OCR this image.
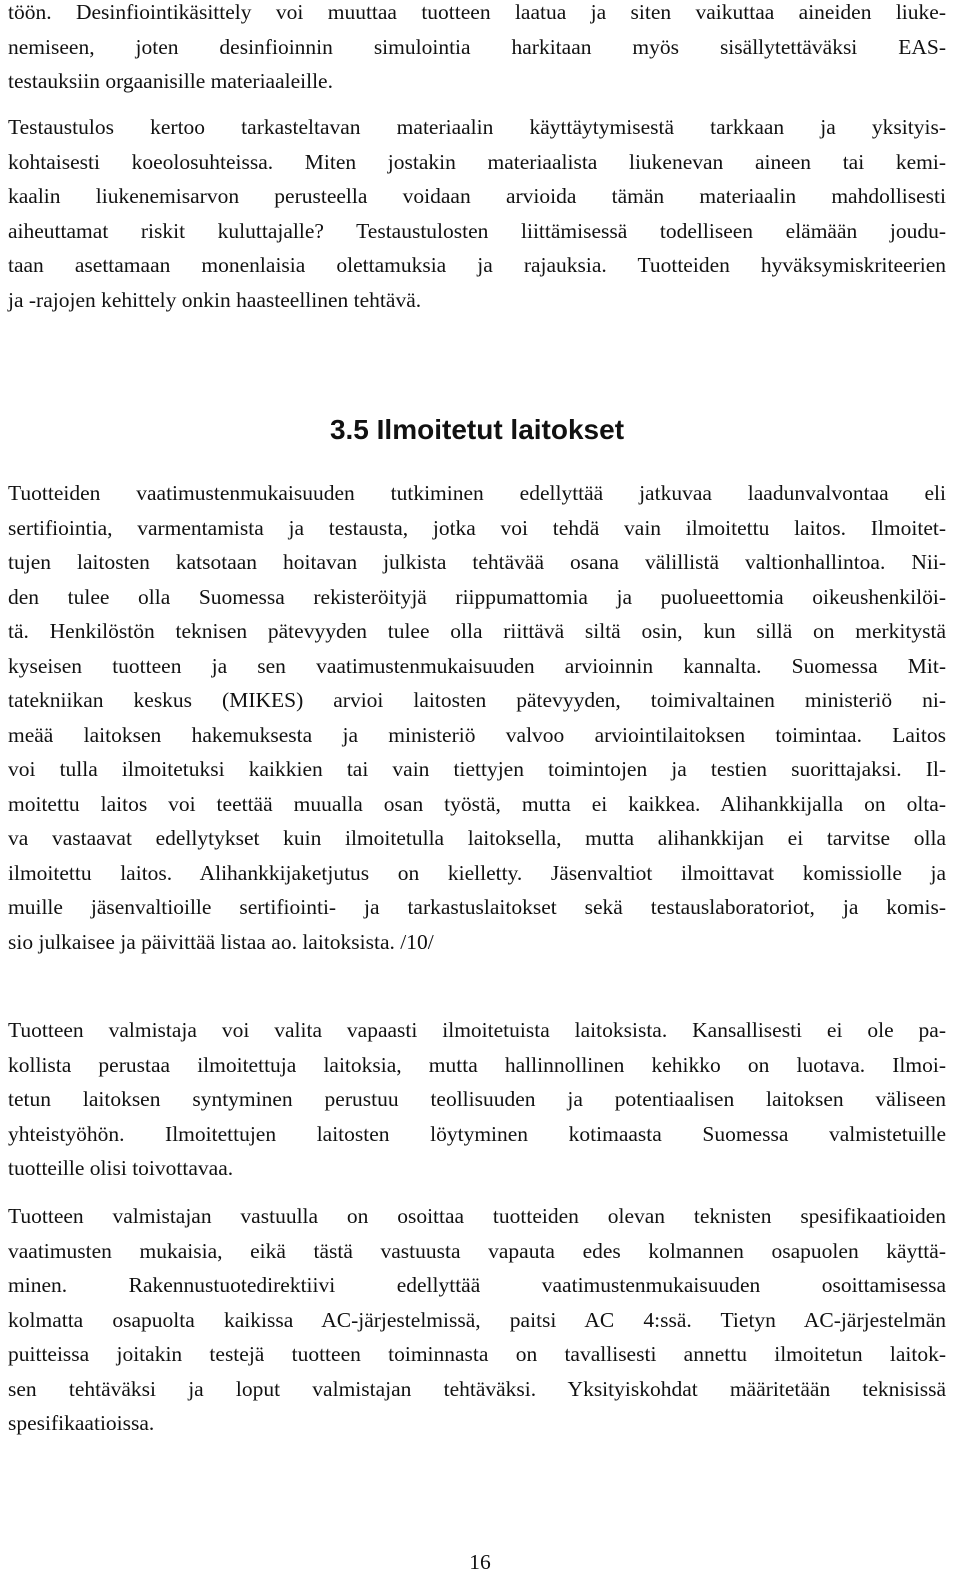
töön. Desinfiointikäsittely voi muuttaa tuotteen laatua ja siten vaikuttaa aineiden liuke-
nemiseen, joten desinfioinnin simulointia harkitaan myös sisällytettäväksi EAS-
testauksiin orgaanisille materiaaleille.

Testaustulos kertoo tarkasteltavan materiaalin käyttäytymisestä tarkkaan ja yksityis-
kohtaisesti koeolosuhteissa. Miten jostakin materiaalista liukenevan aineen tai kemi-
kaalin liukenemisarvon perusteella voidaan arvioida tämän materiaalin mahdollisesti
aiheuttamat riskit kuluttajalle? Testaustulosten liittämisessä todelliseen elämään joudu-
taan asettamaan monenlaisia olettamuksia ja rajauksia. Tuotteiden hyväksymiskriteerien
ja -rajojen kehittely onkin haasteellinen tehtävä.

3.5 Ilmoitetut laitokset

Tuotteiden vaatimustenmukaisuuden tutkiminen edellyttää jatkuvaa laadunvalvontaa eli
sertifiointia, varmentamista ja testausta, jotka voi tehdä vain ilmoitettu laitos. Ilmoitet-
tujen laitosten katsotaan hoitavan julkista tehtävää osana välillistä valtionhallintoa. Nii-
den tulee olla Suomessa rekisteröityjä riippumattomia ja puolueettomia oikeushenkilöi-
tä. Henkilöstön teknisen pätevyyden tulee olla riittävä siltä osin, kun sillä on merkitystä
kyseisen tuotteen ja sen vaatimustenmukaisuuden arvioinnin kannalta. Suomessa Mit-
tatekniikan keskus (MIKES) arvioi laitosten pätevyyden, toimivaltainen ministeriö ni-
meää laitoksen hakemuksesta ja ministeriö valvoo arviointilaitoksen toimintaa. Laitos
voi tulla ilmoitetuksi kaikkien tai vain tiettyjen toimintojen ja testien suorittajaksi. Il-
moitettu laitos voi teettää muualla osan työstä, mutta ei kaikkea. Alihankkijalla on olta-
va vastaavat edellytykset kuin ilmoitetulla laitoksella, mutta alihankkijan ei tarvitse olla
ilmoitettu laitos. Alihankkijaketjutus on kielletty. Jäsenvaltiot ilmoittavat komissiolle ja
muille jäsenvaltioille sertifiointi- ja tarkastuslaitokset sekä testauslaboratoriot, ja komis-
sio julkaisee ja päivittää listaa ao. laitoksista. /10/

Tuotteen valmistaja voi valita vapaasti ilmoitetuista laitoksista. Kansallisesti ei ole pa-
kollista perustaa ilmoitettuja laitoksia, mutta hallinnollinen kehikko on luotava. Ilmoi-
tetun laitoksen syntyminen perustuu teollisuuden ja potentiaalisen laitoksen väliseen
yhteistyöhön. Ilmoitettujen laitosten löytyminen kotimaasta Suomessa valmistetuille
tuotteille olisi toivottavaa.

Tuotteen valmistajan vastuulla on osoittaa tuotteiden olevan teknisten spesifikaatioiden
vaatimusten mukaisia, eikä tästä vastuusta vapauta edes kolmannen osapuolen käyttä-
minen. Rakennustuotedirektiivi edellyttää vaatimustenmukaisuuden osoittamisessa
kolmatta osapuolta kaikissa AC-järjestelmissä, paitsi AC 4:ssä. Tietyn AC-järjestelmän
puitteissa joitakin testejä tuotteen toiminnasta on tavallisesti annettu ilmoitetun laitok-
sen tehtäväksi ja loput valmistajan tehtäväksi. Yksityiskohdat määritetään teknisissä
spesifikaatioissa.

16
